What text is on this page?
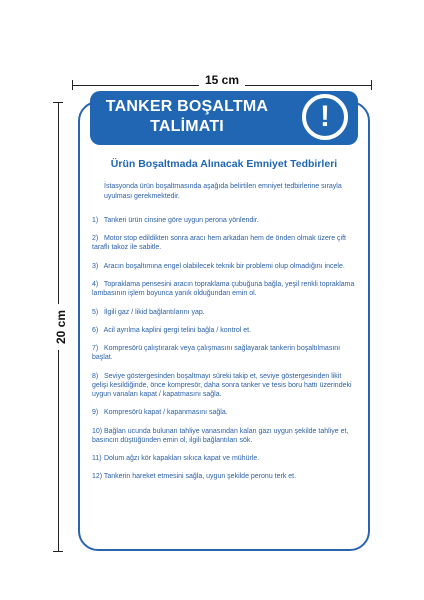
15 cm
20 cm
TANKER BOŞALTMA
TALİMATI	!
Ürün Boşaltmada Alınacak Emniyet Tedbirleri
İstasyonda ürün boşaltmasında aşağıda belirtilen emniyet tedbirlerine sırayla uyulması gerekmektedir.
1) Tankeri ürün cinsine göre uygun perona yönlendir.
2) Motor stop edildikten sonra aracı hem arkadan hem de önden olmak üzere çift taraflı takoz ile sabitle.
3) Aracın boşaltımına engel olabilecek teknik bir problemi olup olmadığını incele.
4) Topraklama pensesini aracın topraklama çubuğuna bağla, yeşil renkli topraklama lambasının işlem boyunca yanık olduğundan emin ol.
5) İlgili gaz / likid bağlantılarını yap.
6) Acil ayrılma kaplini gergi telini bağla / kontrol et.
7) Kompresörü çalıştırarak veya çalışmasını sağlayarak tankerin boşaltılmasını başlat.
8) Seviye göstergesinden boşaltmayı süreki takip et, seviye göstergesinden likit gelişi kesildiğinde, önce kompresör, daha sonra tanker ve tesis boru hattı üzerindeki uygun vanaları kapat / kapatmasını sağla.
9) Kompresörü kapat / kapanmasını sağla.
10) Bağlan ucunda bulunan tahliye vanasından kalan gazı uygun şekilde tahliye et, basıncın düştüğünden emin ol, ilgili bağlantıları sök.
11) Dolum ağzı kör kapakları sıkıca kapat ve mühürle.
12) Tankerin hareket etmesini sağla, uygun şekilde peronu terk et.
